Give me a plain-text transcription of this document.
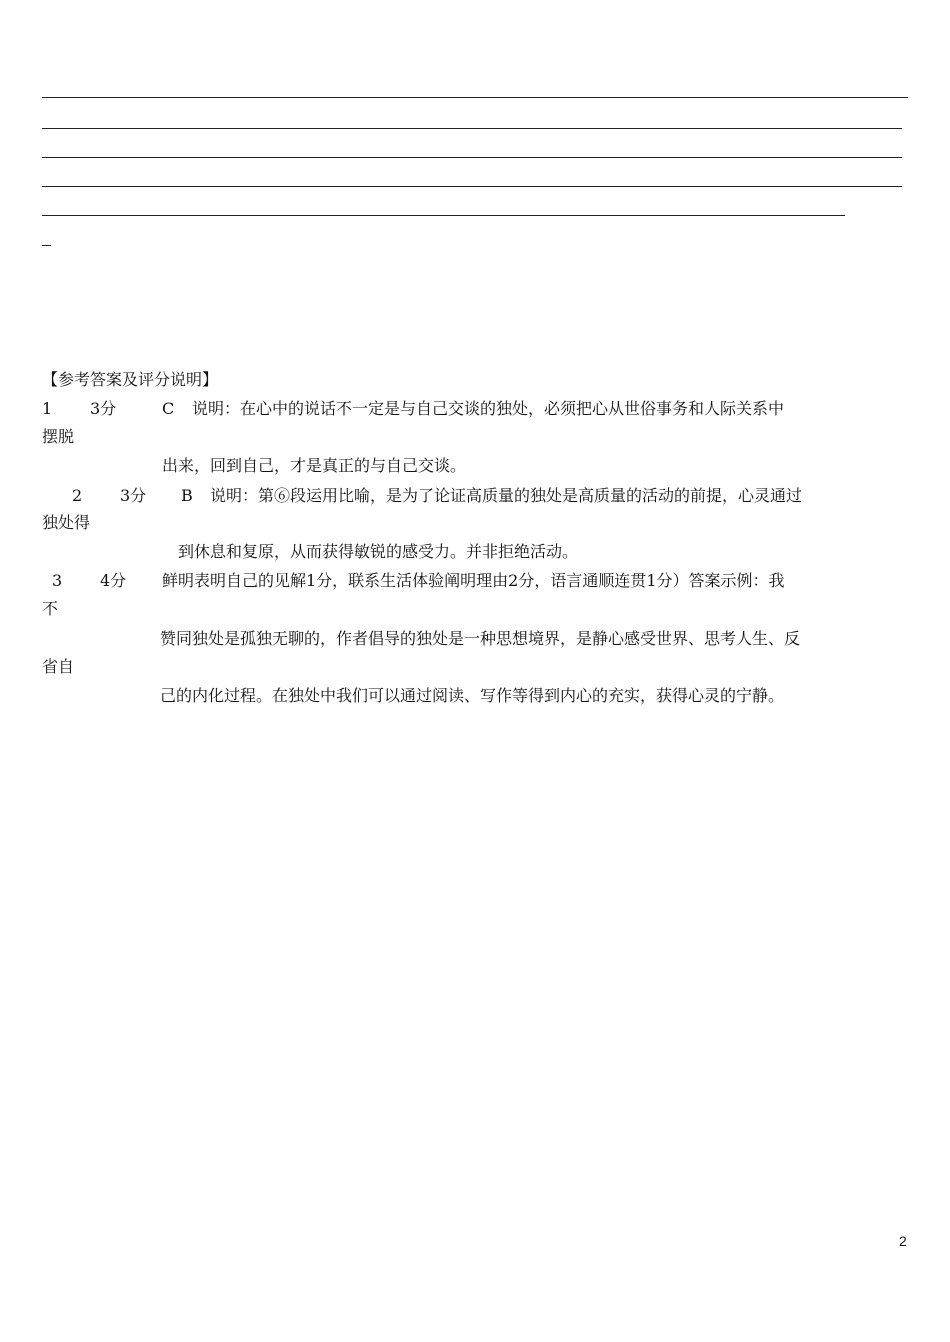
【参考答案及评分说明】
1 3分	C 说明：在心中的说话不一定是与自己交谈的独处，必须把心从世俗事务和人际关系中
摆脱
出来，回到自己，才是真正的与自己交谈。
2 3分 B 说明：第⑥段运用比喻，是为了论证高质量的独处是高质量的活动的前提，心灵通过
独处得
到休息和复原，从而获得敏锐的感受力。并非拒绝活动。
3 4分 鲜明表明自己的见解1分，联系生活体验阐明理由2分，语言通顺连贯1分）答案示例：我
不
赞同独处是孤独无聊的，作者倡导的独处是一种思想境界，是静心感受世界、思考人生、反
省自
己的内化过程。在独处中我们可以通过阅读、写作等得到内心的充实，获得心灵的宁静。
2
